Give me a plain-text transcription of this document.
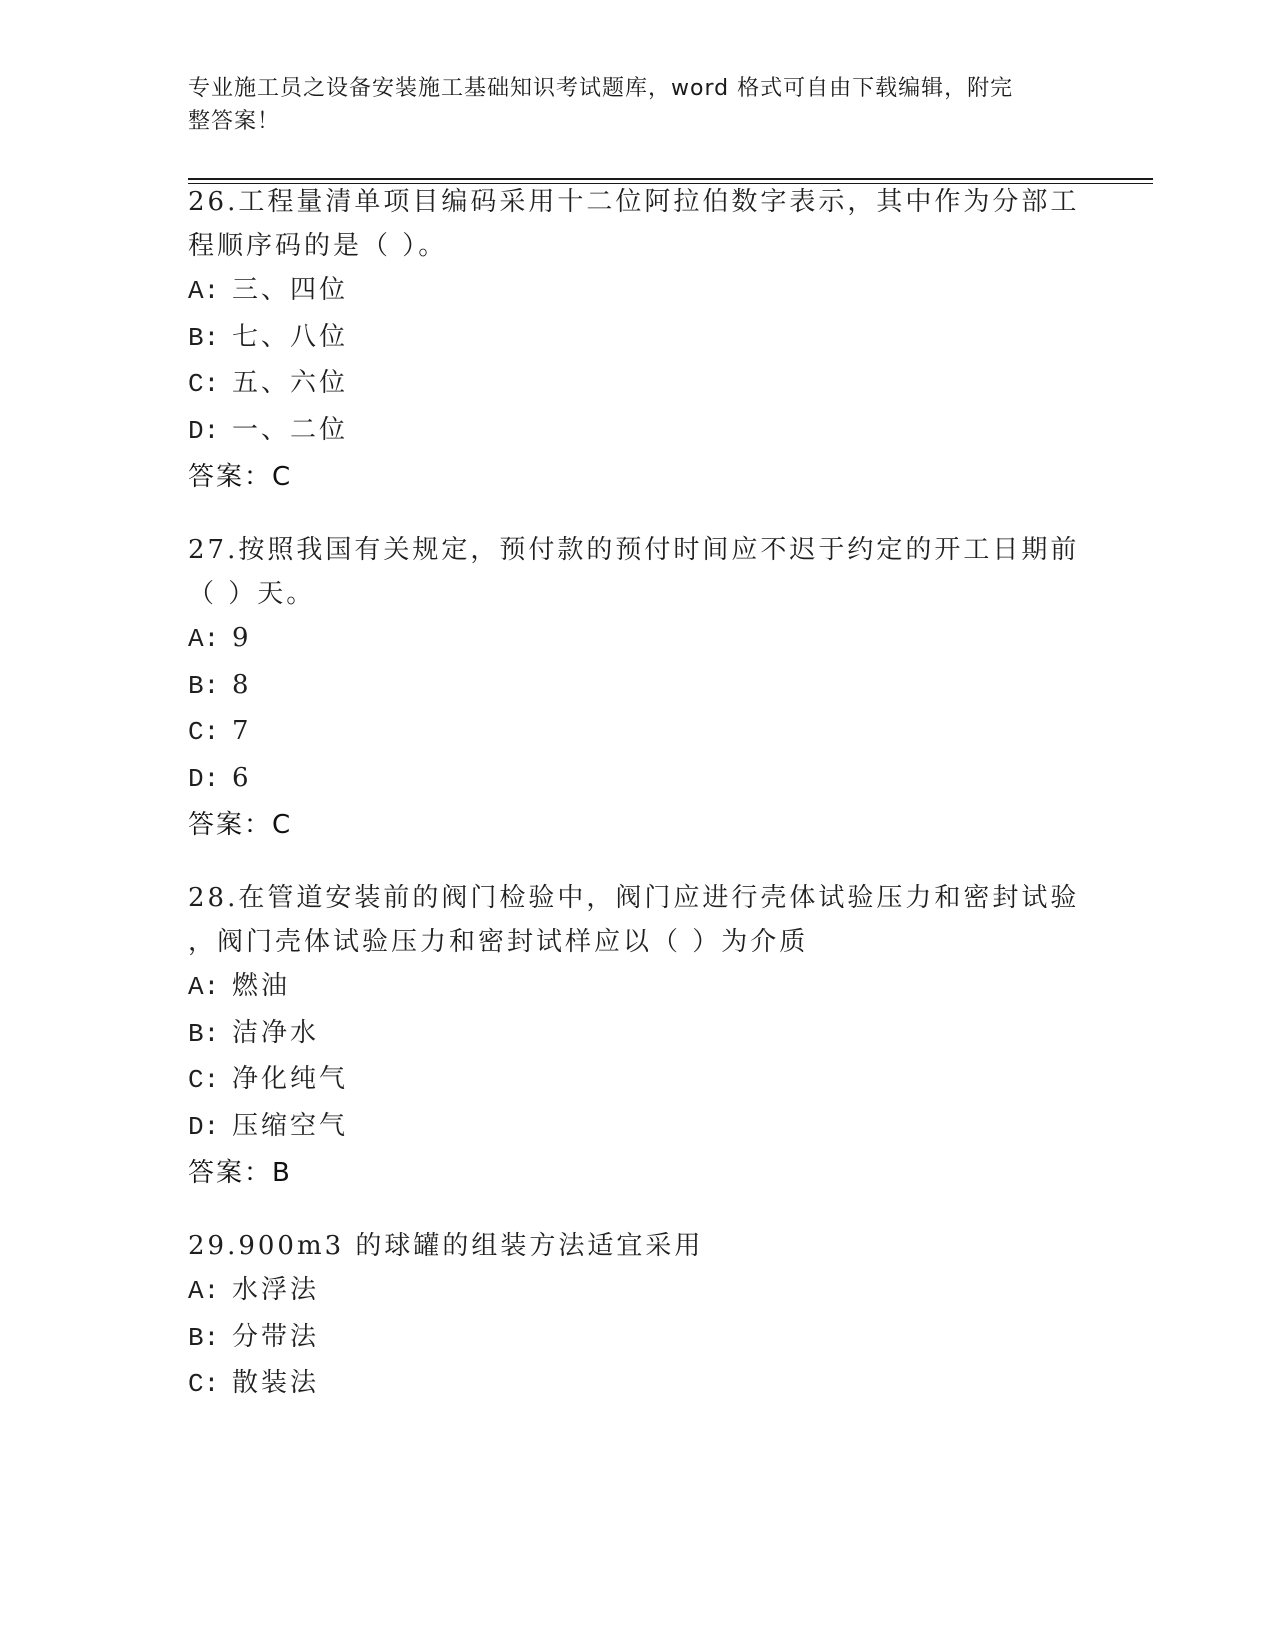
专业施工员之设备安装施工基础知识考试题库，word 格式可自由下载编辑，附完
整答案！
26.工程量清单项目编码采用十二位阿拉伯数字表示，其中作为分部工
程顺序码的是（ ）。
A: 三、四位
B: 七、八位
C: 五、六位
D: 一、二位
答案：C
27.按照我国有关规定，预付款的预付时间应不迟于约定的开工日期前
（ ）天。
A: 9
B: 8
C: 7
D: 6
答案：C
28.在管道安装前的阀门检验中，阀门应进行壳体试验压力和密封试验
，阀门壳体试验压力和密封试样应以（ ）为介质
A: 燃油
B: 洁净水
C: 净化纯气
D: 压缩空气
答案：B
29.900m3 的球罐的组装方法适宜采用
A: 水浮法
B: 分带法
C: 散装法
